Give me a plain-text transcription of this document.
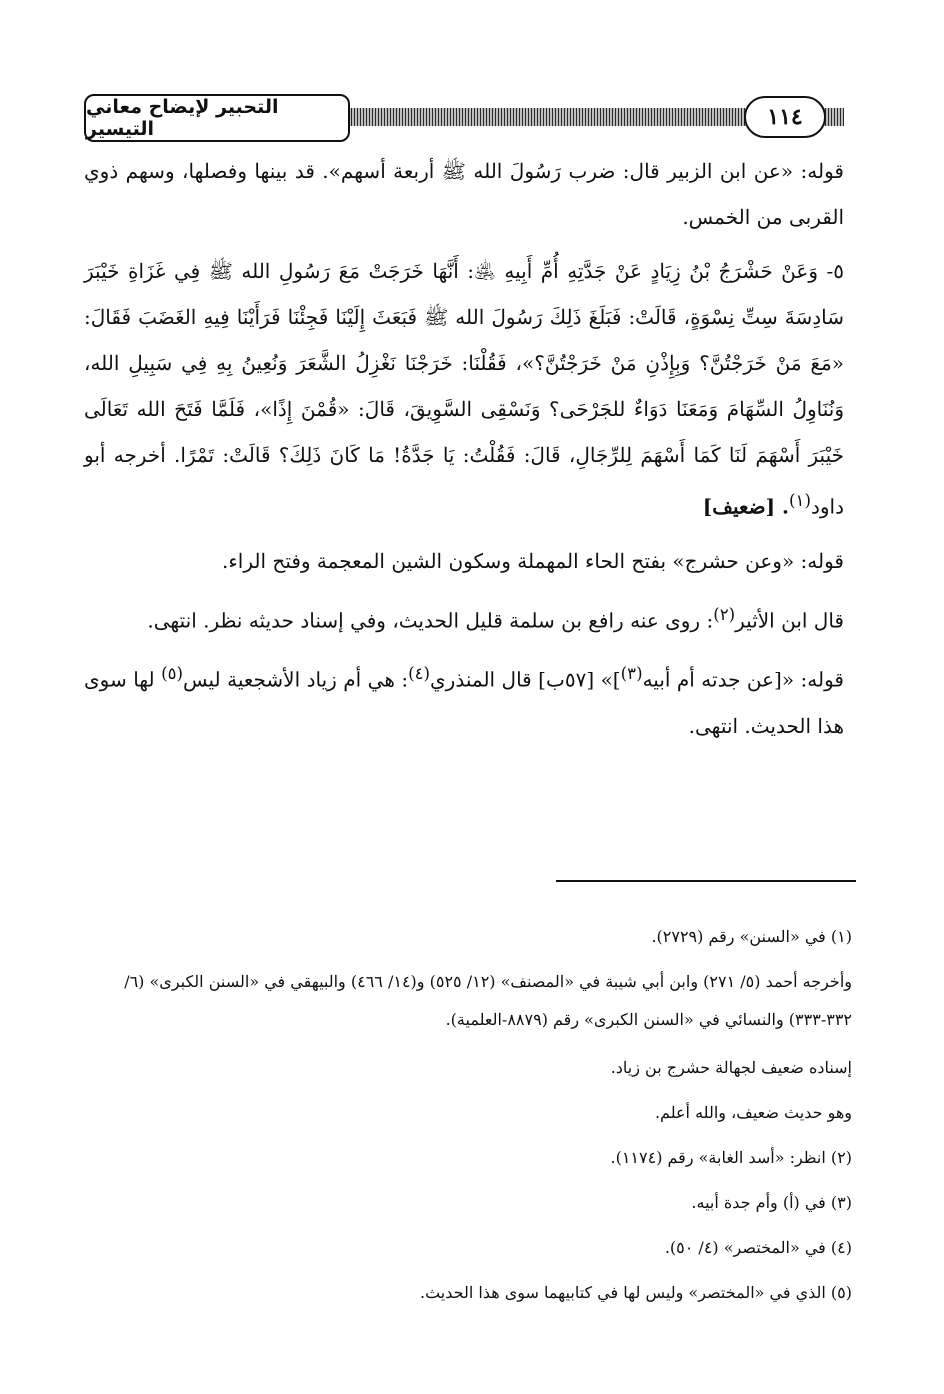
التحبير لإيضاح معاني التيسير	١١٤

قوله: «عن ابن الزبير قال: ضرب رَسُولَ الله ﷺ أربعة أسهم». قد بينها وفصلها، وسهم ذوي القربى من الخمس.

٥- وَعَنْ حَشْرَجُ بْنُ زِيَادٍ عَنْ جَدَّتِهِ أُمِّ أَبِيهِ ﵁: أَنَّهَا خَرَجَتْ مَعَ رَسُولِ الله ﷺ فِي غَزَاةِ خَيْبَرَ سَادِسَةَ سِتِّ نِسْوَةٍ، قَالَتْ: فَبَلَغَ ذَلِكَ رَسُولَ الله ﷺ فَبَعَثَ إِلَيْنَا فَجِئْنَا فَرَأَيْنَا فِيهِ الغَضَبَ فَقَالَ: «مَعَ مَنْ خَرَجْتُنَّ؟ وَبِإِذْنِ مَنْ خَرَجْتُنَّ؟»، فَقُلْنَا: خَرَجْنَا نَغْزِلُ الشَّعَرَ وَنُعِينُ بِهِ فِي سَبِيلِ الله، وَنُنَاوِلُ السِّهَامَ وَمَعَنَا دَوَاءٌ للجَرْحَى؟ وَنَسْقِى السَّوِيقَ، قَالَ: «قُمْنَ إِذًا»، فَلَمَّا فَتَحَ الله تَعَالَى خَيْبَرَ أَسْهَمَ لَنَا كَمَا أَسْهَمَ لِلرِّجَالِ، قَالَ: فَقُلْتُ: يَا جَدَّةُ! مَا كَانَ ذَلِكَ؟ قَالَتْ: تَمْرًا. أخرجه أبو داود$^{(١)}$. [ضعيف]

قوله: «وعن حشرج» بفتح الحاء المهملة وسكون الشين المعجمة وفتح الراء.

قال ابن الأثير$^{(٢)}$: روى عنه رافع بن سلمة قليل الحديث، وفي إسناد حديثه نظر. انتهى.

قوله: «[عن جدته أم أبيه$^{(٣)}$]» [٥٧ب] قال المنذري$^{(٤)}$: هي أم زياد الأشجعية ليس$^{(٥)}$ لها سوى هذا الحديث. انتهى.

(١) في «السنن» رقم (٢٧٢٩).

وأخرجه أحمد (٥/ ٢٧١) وابن أبي شيبة في «المصنف» (١٢/ ٥٢٥) و(١٤/ ٤٦٦) والبيهقي في «السنن الكبرى» (٦/ ٣٣٢-٣٣٣) والنسائي في «السنن الكبرى» رقم (٨٨٧٩-العلمية).

إسناده ضعيف لجهالة حشرج بن زياد.

وهو حديث ضعيف، والله أعلم.

(٢) انظر: «أسد الغابة» رقم (١١٧٤).

(٣) في (أ) وأم جدة أبيه.

(٤) في «المختصر» (٤/ ٥٠).

(٥) الذي في «المختصر» وليس لها في كتابيهما سوى هذا الحديث.
